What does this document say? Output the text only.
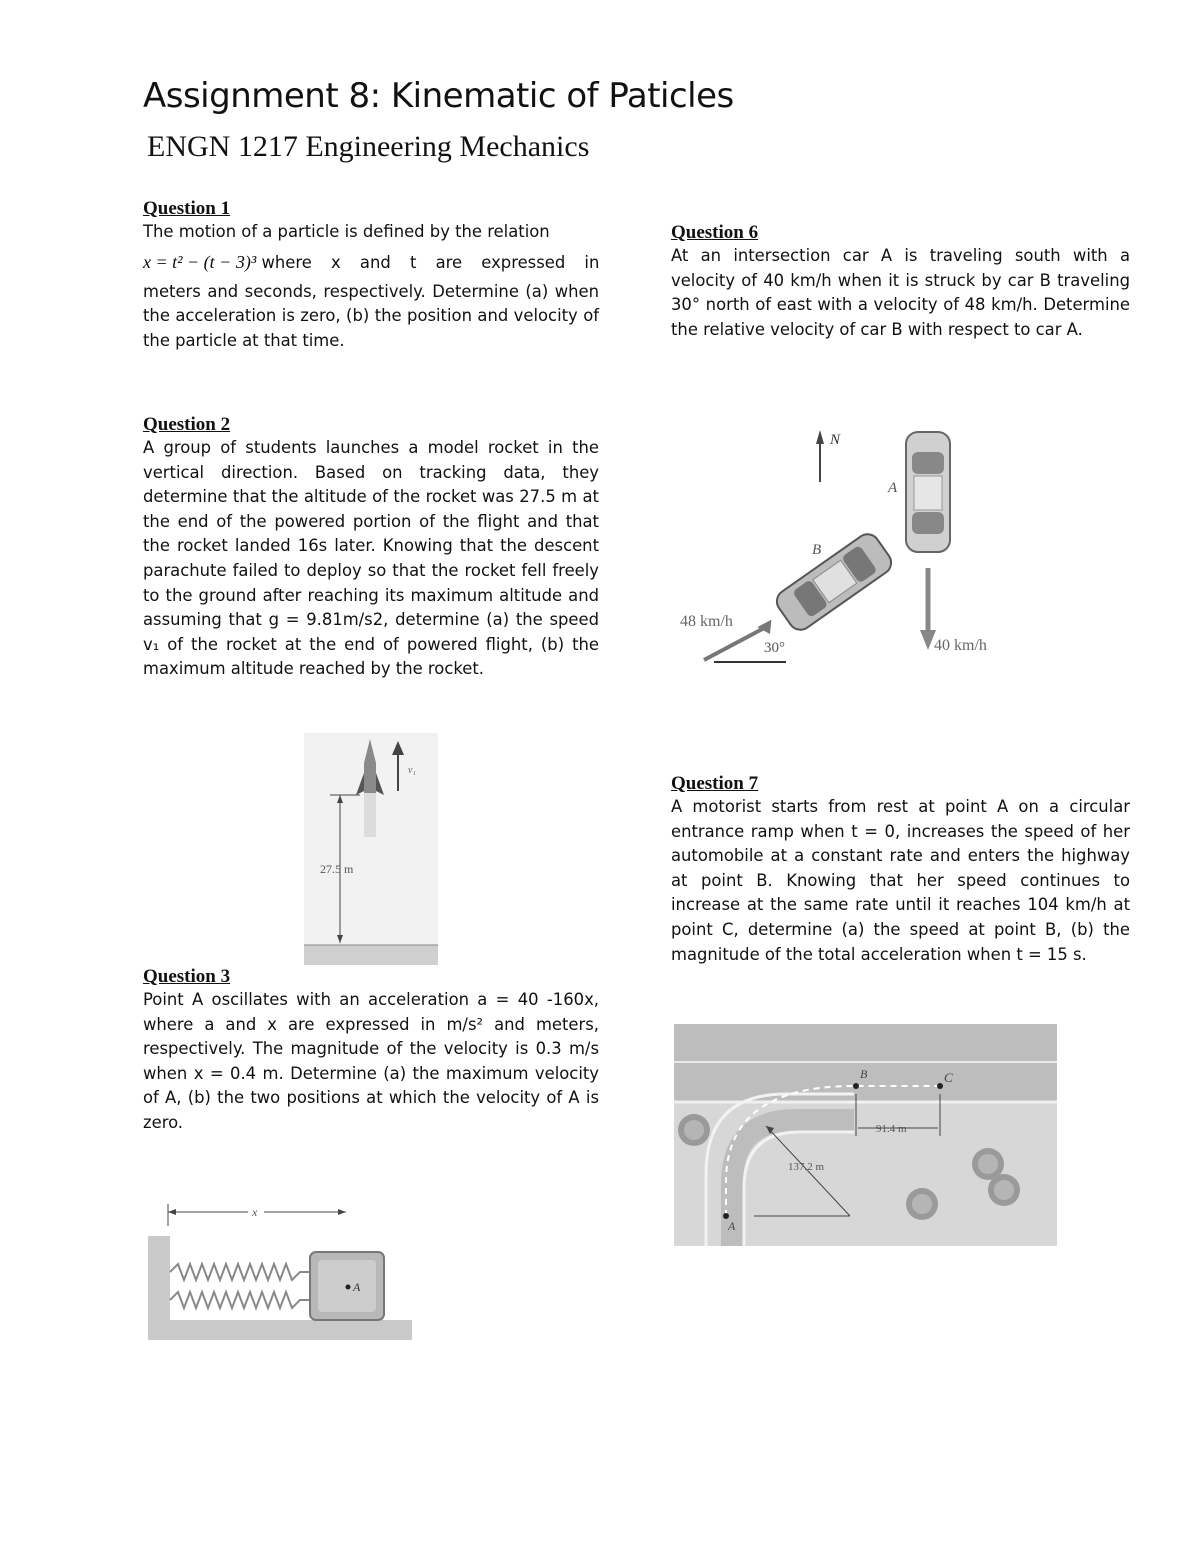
Assignment 8: Kinematic of Paticles
ENGN 1217 Engineering Mechanics
Question 1

The motion of a particle is defined by the relation

x = t² − (t − 3)³ where x and t are expressed in

meters and seconds, respectively. Determine (a) when the acceleration is zero, (b) the position and velocity of the particle at that time.

Question 2

A group of students launches a model rocket in the vertical direction. Based on tracking data, they determine that the altitude of the rocket was 27.5 m at the end of the powered portion of the flight and that the rocket landed 16s later. Knowing that the descent parachute failed to deploy so that the rocket fell freely to the ground after reaching its maximum altitude and assuming that g = 9.81m/s2, determine (a) the speed v₁ of the rocket at the end of powered flight, (b) the maximum altitude reached by the rocket.

v₁
27.5 m
Question 3

Point A oscillates with an acceleration a = 40 -160x, where a and x are expressed in m/s² and meters, respectively. The magnitude of the velocity is 0.3 m/s when x = 0.4 m. Determine (a) the maximum velocity of A, (b) the two positions at which the velocity of A is zero.

x
A
Question 6

At an intersection car A is traveling south with a velocity of 40 km/h when it is struck by car B traveling 30° north of east with a velocity of 48 km/h. Determine the relative velocity of car B with respect to car A.

N
A
B
48 km/h
30°	40 km/h
Question 7

A motorist starts from rest at point A on a circular entrance ramp when t = 0, increases the speed of her automobile at a constant rate and enters the highway at point B. Knowing that her speed continues to increase at the same rate until it reaches 104 km/h at point C, determine (a) the speed at point B, (b) the magnitude of the total acceleration when t = 15 s.

A
B	C
91.4 m
137.2 m
